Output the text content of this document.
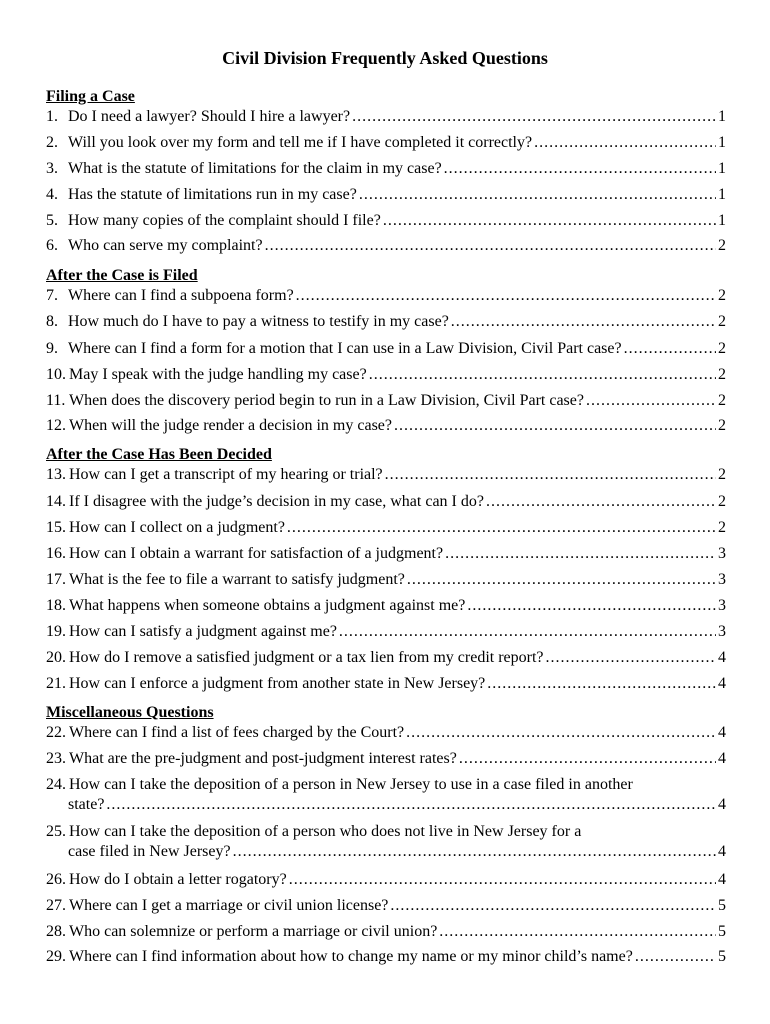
Civil Division Frequently Asked Questions
Filing a Case
1. Do I need a lawyer? Should I hire a lawyer? .....	1
2. Will you look over my form and tell me if I have completed it correctly? .....	1
3. What is the statute of limitations for the claim in my case? .....	1
4. Has the statute of limitations run in my case? .....	1
5. How many copies of the complaint should I file? .....	1
6. Who can serve my complaint? .....	2
After the Case is Filed
7. Where can I find a subpoena form? .....	2
8. How much do I have to pay a witness to testify in my case? .....	2
9. Where can I find a form for a motion that I can use in a Law Division, Civil Part case? .....	2
10. May I speak with the judge handling my case? .....	2
11. When does the discovery period begin to run in a Law Division, Civil Part case? .....	2
12. When will the judge render a decision in my case? .....	2
After the Case Has Been Decided
13. How can I get a transcript of my hearing or trial? .....	2
14. If I disagree with the judge’s decision in my case, what can I do? .....	2
15. How can I collect on a judgment? .....	2
16. How can I obtain a warrant for satisfaction of a judgment? .....	3
17. What is the fee to file a warrant to satisfy judgment? .....	3
18. What happens when someone obtains a judgment against me? .....	3
19. How can I satisfy a judgment against me? .....	3
20. How do I remove a satisfied judgment or a tax lien from my credit report? .....	4
21. How can I enforce a judgment from another state in New Jersey? .....	4
Miscellaneous Questions
22. Where can I find a list of fees charged by the Court? .....	4
23. What are the pre-judgment and post-judgment interest rates? .....	4
24. How can I take the deposition of a person in New Jersey to use in a case filed in another
state? .....	4
25. How can I take the deposition of a person who does not live in New Jersey for a
case filed in New Jersey? .....	4
26. How do I obtain a letter rogatory? .....	4
27. Where can I get a marriage or civil union license? .....	5
28. Who can solemnize or perform a marriage or civil union? .....	5
29. Where can I find information about how to change my name or my minor child’s name? .....	5
